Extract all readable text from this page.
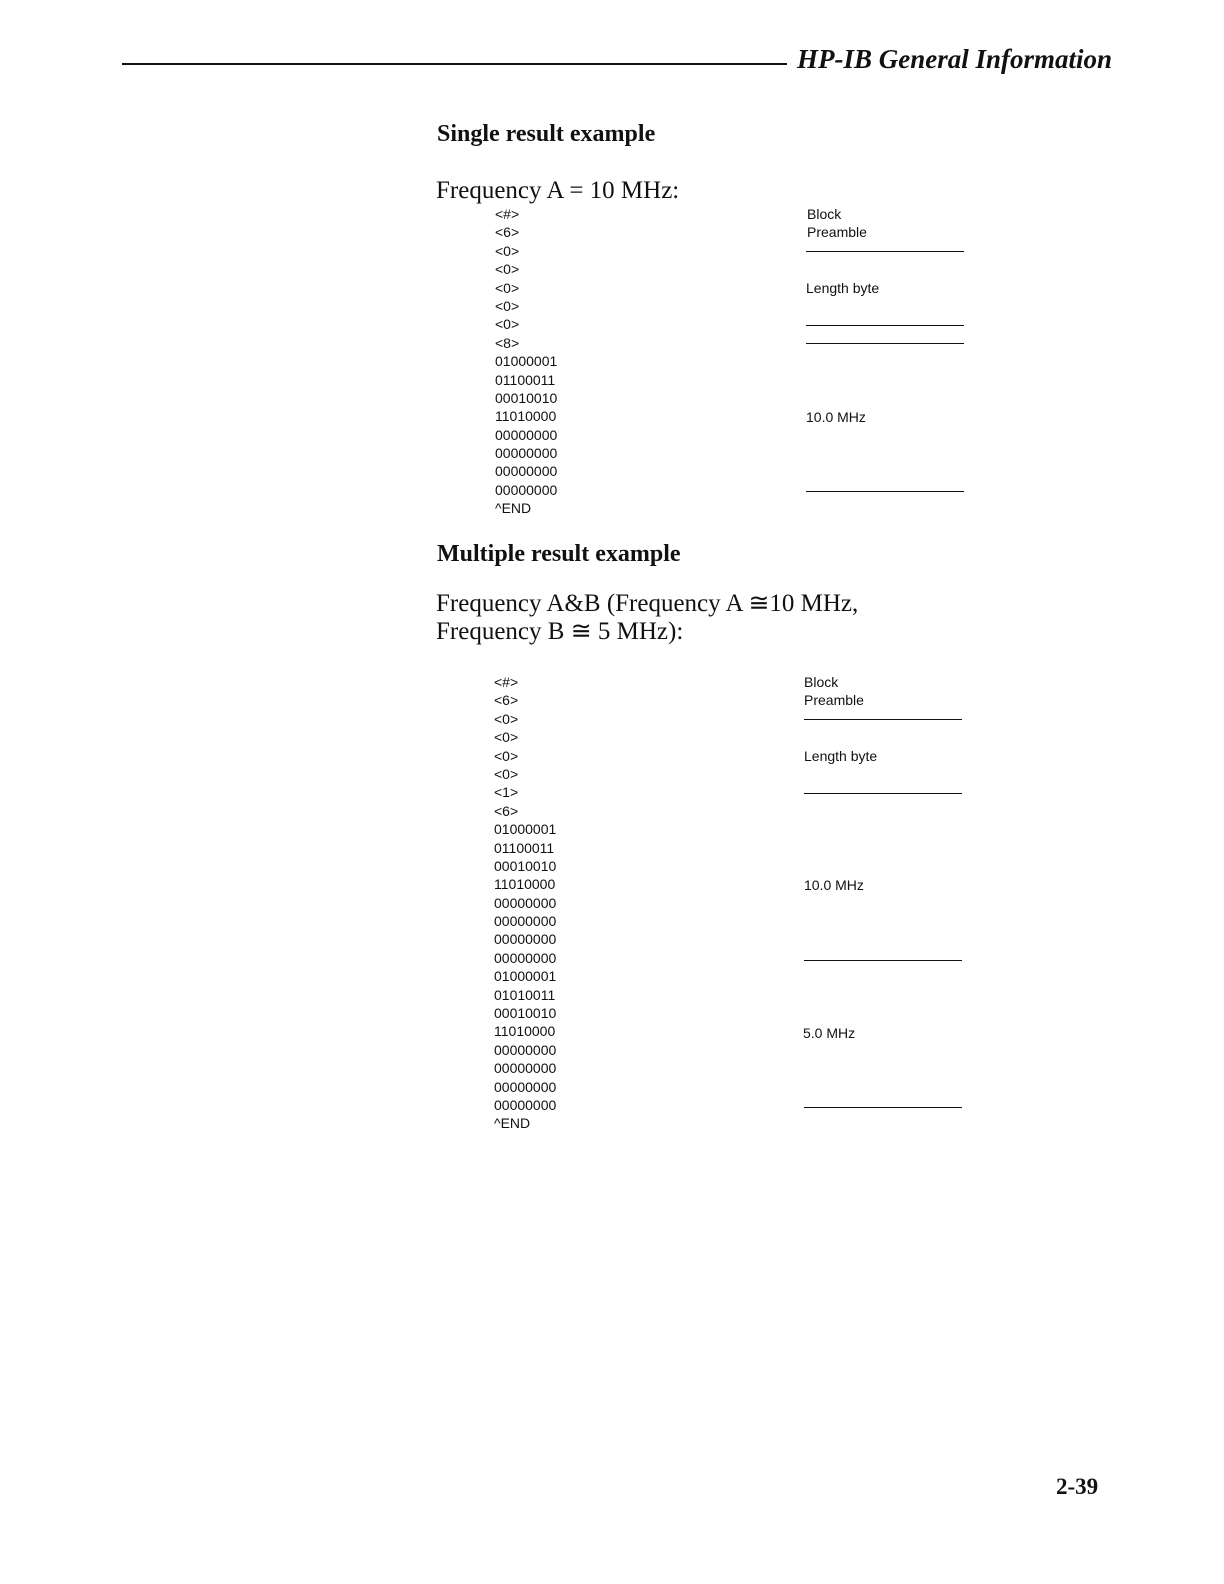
HP-IB General Information
Single result example
Frequency A = 10 MHz:
<#>
<6>
<0>
<0>
<0>
<0>
<0>
<8>
01000001
01100011
00010010
11010000
00000000
00000000
00000000
00000000
^END
Block
Preamble
Length byte
10.0 MHz
Multiple result example
Frequency A&B (Frequency A ≅10 MHz,
Frequency B ≅ 5 MHz):
<#>
<6>
<0>
<0>
<0>
<0>
<1>
<6>
01000001
01100011
00010010
11010000
00000000
00000000
00000000
00000000
01000001
01010011
00010010
11010000
00000000
00000000
00000000
00000000
^END
Block
Preamble
Length byte
10.0 MHz
5.0 MHz
2-39
